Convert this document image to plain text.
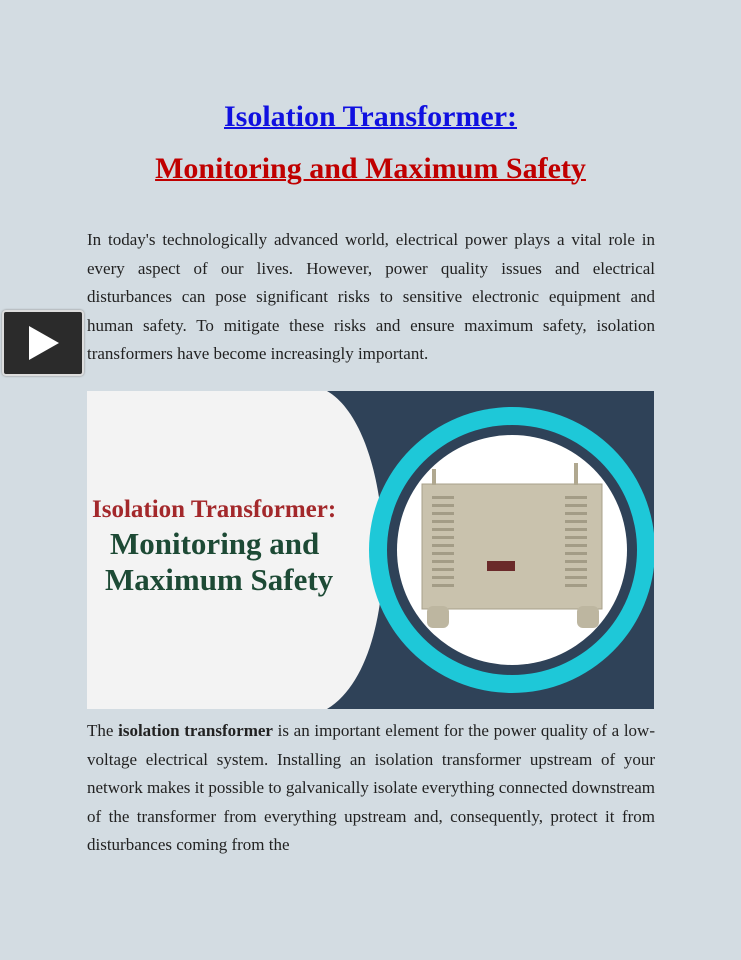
Isolation Transformer:
Monitoring and Maximum Safety
In today's technologically advanced world, electrical power plays a vital role in every aspect of our lives. However, power quality issues and electrical disturbances can pose significant risks to sensitive electronic equipment and human safety. To mitigate these risks and ensure maximum safety, isolation transformers have become increasingly important.
Isolation Transformer:
Monitoring and
Maximum Safety
The isolation transformer is an important element for the power quality of a low-voltage electrical system. Installing an isolation transformer upstream of your network makes it possible to galvanically isolate everything connected downstream of the transformer from everything upstream and, consequently, protect it from disturbances coming from the
